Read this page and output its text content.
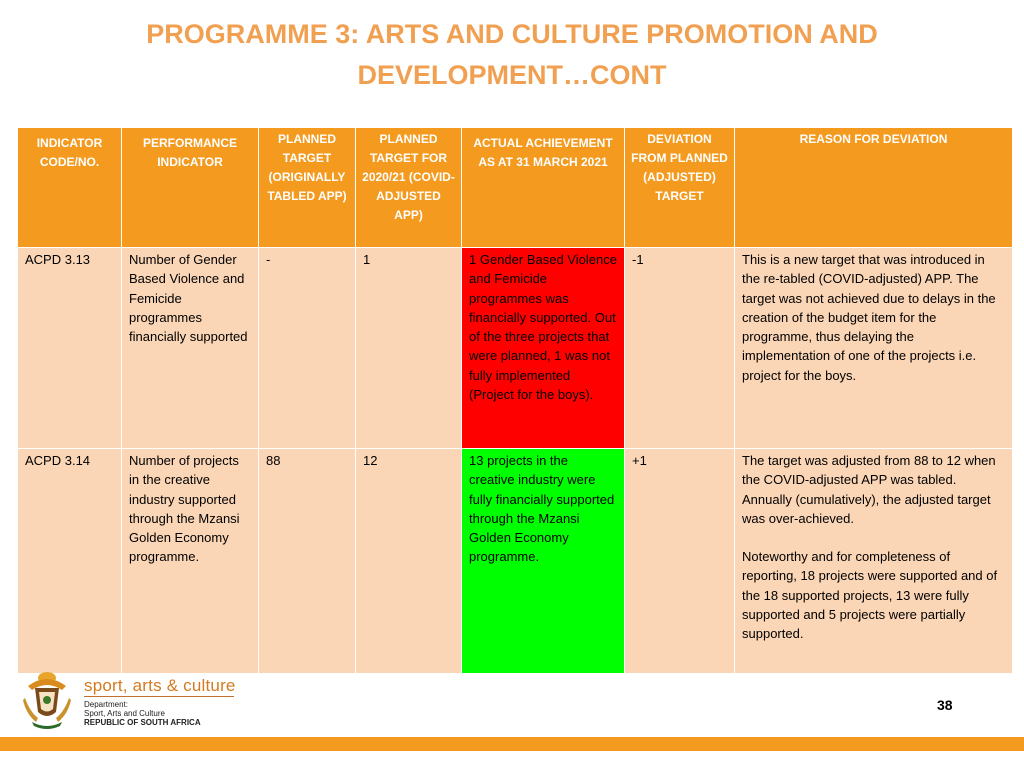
PROGRAMME 3: ARTS AND CULTURE PROMOTION AND
DEVELOPMENT…CONT
INDICATOR CODE/NO.	PERFORMANCE INDICATOR	PLANNED TARGET (ORIGINALLY TABLED APP)	PLANNED TARGET FOR 2020/21 (COVID-ADJUSTED APP)	ACTUAL ACHIEVEMENT AS AT 31 MARCH 2021	DEVIATION FROM PLANNED (ADJUSTED) TARGET	REASON FOR DEVIATION
ACPD 3.13	Number of Gender Based Violence and Femicide programmes financially supported	-	1	1 Gender Based Violence and Femicide programmes was financially supported. Out of the three projects that were planned, 1 was not fully implemented (Project for the boys).	-1	This is a new target that was introduced in the re-tabled (COVID-adjusted) APP. The target was not achieved due to delays in the creation of the budget item for the programme, thus delaying the implementation of one of the projects i.e. project for the boys.

ACPD 3.14	Number of projects in the creative industry supported through the Mzansi Golden Economy programme.	88	12	13 projects in the creative industry were fully financially supported through the Mzansi Golden Economy programme.	+1	The target was adjusted from 88 to 12 when the COVID-adjusted APP was tabled. Annually (cumulatively), the adjusted target was over-achieved.
Noteworthy and for completeness of reporting, 18 projects were supported and of the 18 supported projects, 13 were fully supported and 5 projects were partially supported.
sport, arts & culture
Department:
Sport, Arts and Culture
REPUBLIC OF SOUTH AFRICA
38
